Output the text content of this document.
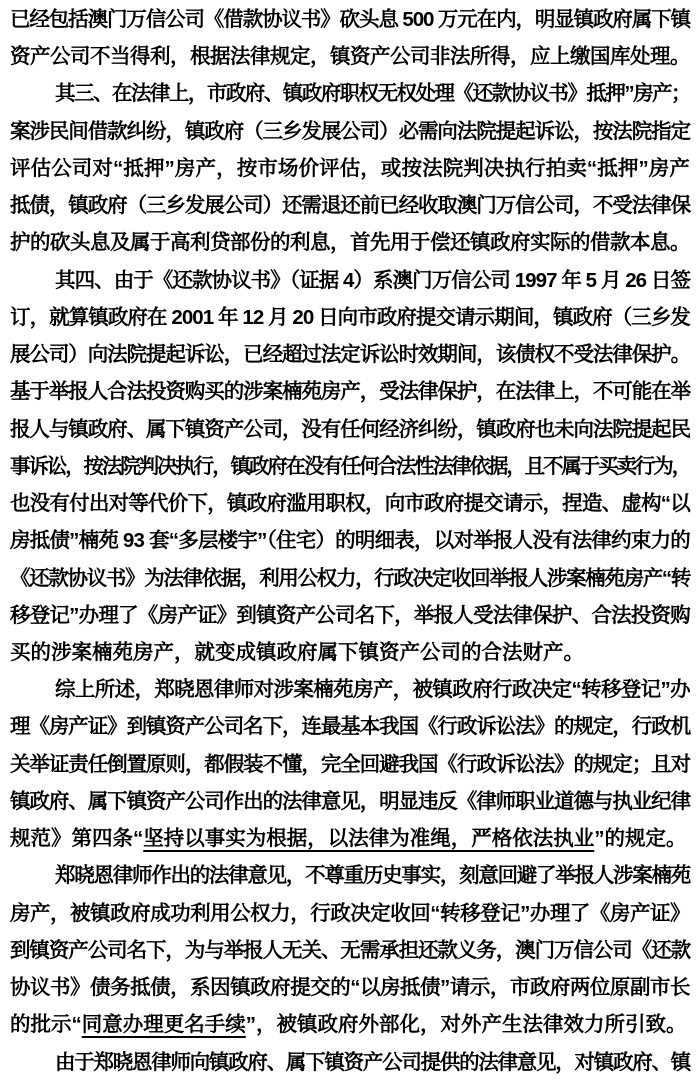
已经包括澳门万信公司《借款协议书》砍头息 500 万元在内，明显镇政府属下镇
资产公司不当得利，根据法律规定，镇资产公司非法所得，应上缴国库处理。
其三、在法律上，市政府、镇政府职权无权处理《还款协议书》抵押”房产；
案涉民间借款纠纷，镇政府（三乡发展公司）必需向法院提起诉讼，按法院指定
评估公司对“抵押”房产，按市场价评估，或按法院判决执行拍卖“抵押”房产
抵债，镇政府（三乡发展公司）还需退还前已经收取澳门万信公司，不受法律保
护的砍头息及属于高利贷部份的利息，首先用于偿还镇政府实际的借款本息。
其四、由于《还款协议书》（证据 4）系澳门万信公司 1997 年 5 月 26 日签
订，就算镇政府在 2001 年 12 月 20 日向市政府提交请示期间，镇政府（三乡发
展公司）向法院提起诉讼，已经超过法定诉讼时效期间，该债权不受法律保护。
基于举报人合法投资购买的涉案楠苑房产，受法律保护，在法律上，不可能在举
报人与镇政府、属下镇资产公司，没有任何经济纠纷，镇政府也未向法院提起民
事诉讼，按法院判决执行，镇政府在没有任何合法性法律依据，且不属于买卖行为，
也没有付出对等代价下，镇政府滥用职权，向市政府提交请示，捏造、虚构“以
房抵债”楠苑 93 套“多层楼宇”（住宅）的明细表，以对举报人没有法律约束力的
《还款协议书》为法律依据，利用公权力，行政决定收回举报人涉案楠苑房产“转
移登记”办理了《房产证》到镇资产公司名下，举报人受法律保护、合法投资购
买的涉案楠苑房产，就变成镇政府属下镇资产公司的合法财产。
综上所述，郑晓恩律师对涉案楠苑房产，被镇政府行政决定“转移登记”办
理《房产证》到镇资产公司名下，连最基本我国《行政诉讼法》的规定，行政机
关举证责任倒置原则，都假装不懂，完全回避我国《行政诉讼法》的规定；且对
镇政府、属下镇资产公司作出的法律意见，明显违反《律师职业道德与执业纪律
规范》第四条“坚持以事实为根据，以法律为准绳，严格依法执业”的规定。
郑晓恩律师作出的法律意见，不尊重历史事实，刻意回避了举报人涉案楠苑
房产，被镇政府成功利用公权力，行政决定收回“转移登记”办理了《房产证》
到镇资产公司名下，为与举报人无关、无需承担还款义务，澳门万信公司《还款
协议书》债务抵债，系因镇政府提交的“以房抵债”请示，市政府两位原副市长
的批示“同意办理更名手续”，被镇政府外部化，对外产生法律效力所引致。
由于郑晓恩律师向镇政府、属下镇资产公司提供的法律意见，对镇政府、镇
